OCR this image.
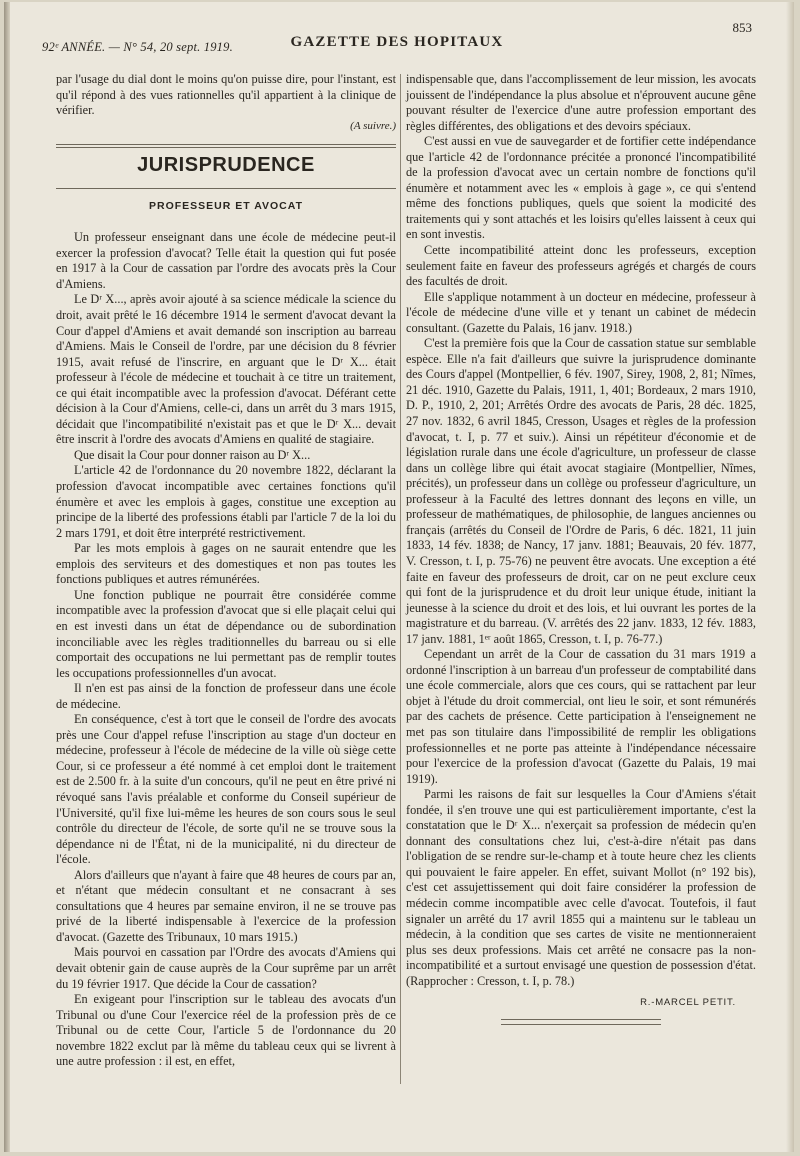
92ᵉ ANNÉE. — N° 54, 20 sept. 1919.	GAZETTE DES HOPITAUX
853

par l'usage du dial dont le moins qu'on puisse dire, pour l'instant, est qu'il répond à des vues rationnelles qu'il appartient à la clinique de vérifier.

(A suivre.)

JURISPRUDENCE
PROFESSEUR ET AVOCAT

Un professeur enseignant dans une école de médecine peut-il exercer la profession d'avocat? Telle était la question qui fut posée en 1917 à la Cour de cassation par l'ordre des avocats près la Cour d'Amiens.

Le Dʳ X..., après avoir ajouté à sa science médicale la science du droit, avait prêté le 16 décembre 1914 le serment d'avocat devant la Cour d'appel d'Amiens et avait demandé son inscription au barreau d'Amiens. Mais le Conseil de l'ordre, par une décision du 8 février 1915, avait refusé de l'inscrire, en arguant que le Dʳ X... était professeur à l'école de médecine et touchait à ce titre un traitement, ce qui était incompatible avec la profession d'avocat. Déférant cette décision à la Cour d'Amiens, celle-ci, dans un arrêt du 3 mars 1915, décidait que l'incompatibilité n'existait pas et que le Dʳ X... devait être inscrit à l'ordre des avocats d'Amiens en qualité de stagiaire.

Que disait la Cour pour donner raison au Dʳ X...

L'article 42 de l'ordonnance du 20 novembre 1822, déclarant la profession d'avocat incompatible avec certaines fonctions qu'il énumère et avec les emplois à gages, constitue une exception au principe de la liberté des professions établi par l'article 7 de la loi du 2 mars 1791, et doit être interprété restrictivement.

Par les mots emplois à gages on ne saurait entendre que les emplois des serviteurs et des domestiques et non pas toutes les fonctions publiques et autres rémunérées.

Une fonction publique ne pourrait être considérée comme incompatible avec la profession d'avocat que si elle plaçait celui qui en est investi dans un état de dépendance ou de subordination inconciliable avec les règles traditionnelles du barreau ou si elle comportait des occupations ne lui permettant pas de remplir toutes les occupations professionnelles d'un avocat.

Il n'en est pas ainsi de la fonction de professeur dans une école de médecine.

En conséquence, c'est à tort que le conseil de l'ordre des avocats près une Cour d'appel refuse l'inscription au stage d'un docteur en médecine, professeur à l'école de médecine de la ville où siège cette Cour, si ce professeur a été nommé à cet emploi dont le traitement est de 2.500 fr. à la suite d'un concours, qu'il ne peut en être privé ni révoqué sans l'avis préalable et conforme du Conseil supérieur de l'Université, qu'il fixe lui-même les heures de son cours sous le seul contrôle du directeur de l'école, de sorte qu'il ne se trouve sous la dépendance ni de l'État, ni de la municipalité, ni du directeur de l'école.

Alors d'ailleurs que n'ayant à faire que 48 heures de cours par an, et n'étant que médecin consultant et ne consacrant à ses consultations que 4 heures par semaine environ, il ne se trouve pas privé de la liberté indispensable à l'exercice de la profession d'avocat. (Gazette des Tribunaux, 10 mars 1915.)

Mais pourvoi en cassation par l'Ordre des avocats d'Amiens qui devait obtenir gain de cause auprès de la Cour suprême par un arrêt du 19 février 1917. Que décide la Cour de cassation?

En exigeant pour l'inscription sur le tableau des avocats d'un Tribunal ou d'une Cour l'exercice réel de la profession près de ce Tribunal ou de cette Cour, l'article 5 de l'ordonnance du 20 novembre 1822 exclut par là même du tableau ceux qui se livrent à une autre profession : il est, en effet,

indispensable que, dans l'accomplissement de leur mission, les avocats jouissent de l'indépendance la plus absolue et n'éprouvent aucune gêne pouvant résulter de l'exercice d'une autre profession emportant des règles différentes, des obligations et des devoirs spéciaux.

C'est aussi en vue de sauvegarder et de fortifier cette indépendance que l'article 42 de l'ordonnance précitée a prononcé l'incompatibilité de la profession d'avocat avec un certain nombre de fonctions qu'il énumère et notamment avec les « emplois à gage », ce qui s'entend même des fonctions publiques, quels que soient la modicité des traitements qui y sont attachés et les loisirs qu'elles laissent à ceux qui en sont investis.

Cette incompatibilité atteint donc les professeurs, exception seulement faite en faveur des professeurs agrégés et chargés de cours des facultés de droit.

Elle s'applique notamment à un docteur en médecine, professeur à l'école de médecine d'une ville et y tenant un cabinet de médecin consultant. (Gazette du Palais, 16 janv. 1918.)

C'est la première fois que la Cour de cassation statue sur semblable espèce. Elle n'a fait d'ailleurs que suivre la jurisprudence dominante des Cours d'appel (Montpellier, 6 fév. 1907, Sirey, 1908, 2, 81; Nîmes, 21 déc. 1910, Gazette du Palais, 1911, 1, 401; Bordeaux, 2 mars 1910, D. P., 1910, 2, 201; Arrêtés Ordre des avocats de Paris, 28 déc. 1825, 27 nov. 1832, 6 avril 1845, Cresson, Usages et règles de la profession d'avocat, t. I, p. 77 et suiv.). Ainsi un répétiteur d'économie et de législation rurale dans une école d'agriculture, un professeur de classe dans un collège libre qui était avocat stagiaire (Montpellier, Nîmes, précités), un professeur dans un collège ou professeur d'agriculture, un professeur à la Faculté des lettres donnant des leçons en ville, un professeur de mathématiques, de philosophie, de langues anciennes ou français (arrêtés du Conseil de l'Ordre de Paris, 6 déc. 1821, 11 juin 1833, 14 fév. 1838; de Nancy, 17 janv. 1881; Beauvais, 20 fév. 1877, V. Cresson, t. I, p. 75-76) ne peuvent être avocats. Une exception a été faite en faveur des professeurs de droit, car on ne peut exclure ceux qui font de la jurisprudence et du droit leur unique étude, initiant la jeunesse à la science du droit et des lois, et lui ouvrant les portes de la magistrature et du barreau. (V. arrêtés des 22 janv. 1833, 12 fév. 1883, 17 janv. 1881, 1ᵉʳ août 1865, Cresson, t. I, p. 76-77.)

Cependant un arrêt de la Cour de cassation du 31 mars 1919 a ordonné l'inscription à un barreau d'un professeur de comptabilité dans une école commerciale, alors que ces cours, qui se rattachent par leur objet à l'étude du droit commercial, ont lieu le soir, et sont rémunérés par des cachets de présence. Cette participation à l'enseignement ne met pas son titulaire dans l'impossibilité de remplir les obligations professionnelles et ne porte pas atteinte à l'indépendance nécessaire pour l'exercice de la profession d'avocat (Gazette du Palais, 19 mai 1919).

Parmi les raisons de fait sur lesquelles la Cour d'Amiens s'était fondée, il s'en trouve une qui est particulièrement importante, c'est la constatation que le Dʳ X... n'exerçait sa profession de médecin qu'en donnant des consultations chez lui, c'est-à-dire n'était pas dans l'obligation de se rendre sur-le-champ et à toute heure chez les clients qui pouvaient le faire appeler. En effet, suivant Mollot (n° 192 bis), c'est cet assujettissement qui doit faire considérer la profession de médecin comme incompatible avec celle d'avocat. Toutefois, il faut signaler un arrêté du 17 avril 1855 qui a maintenu sur le tableau un médecin, à la condition que ses cartes de visite ne mentionneraient plus ses deux professions. Mais cet arrêté ne consacre pas la non-incompatibilité et a surtout envisagé une question de possession d'état. (Rapprocher : Cresson, t. I, p. 78.)

R.-MARCEL PETIT.
